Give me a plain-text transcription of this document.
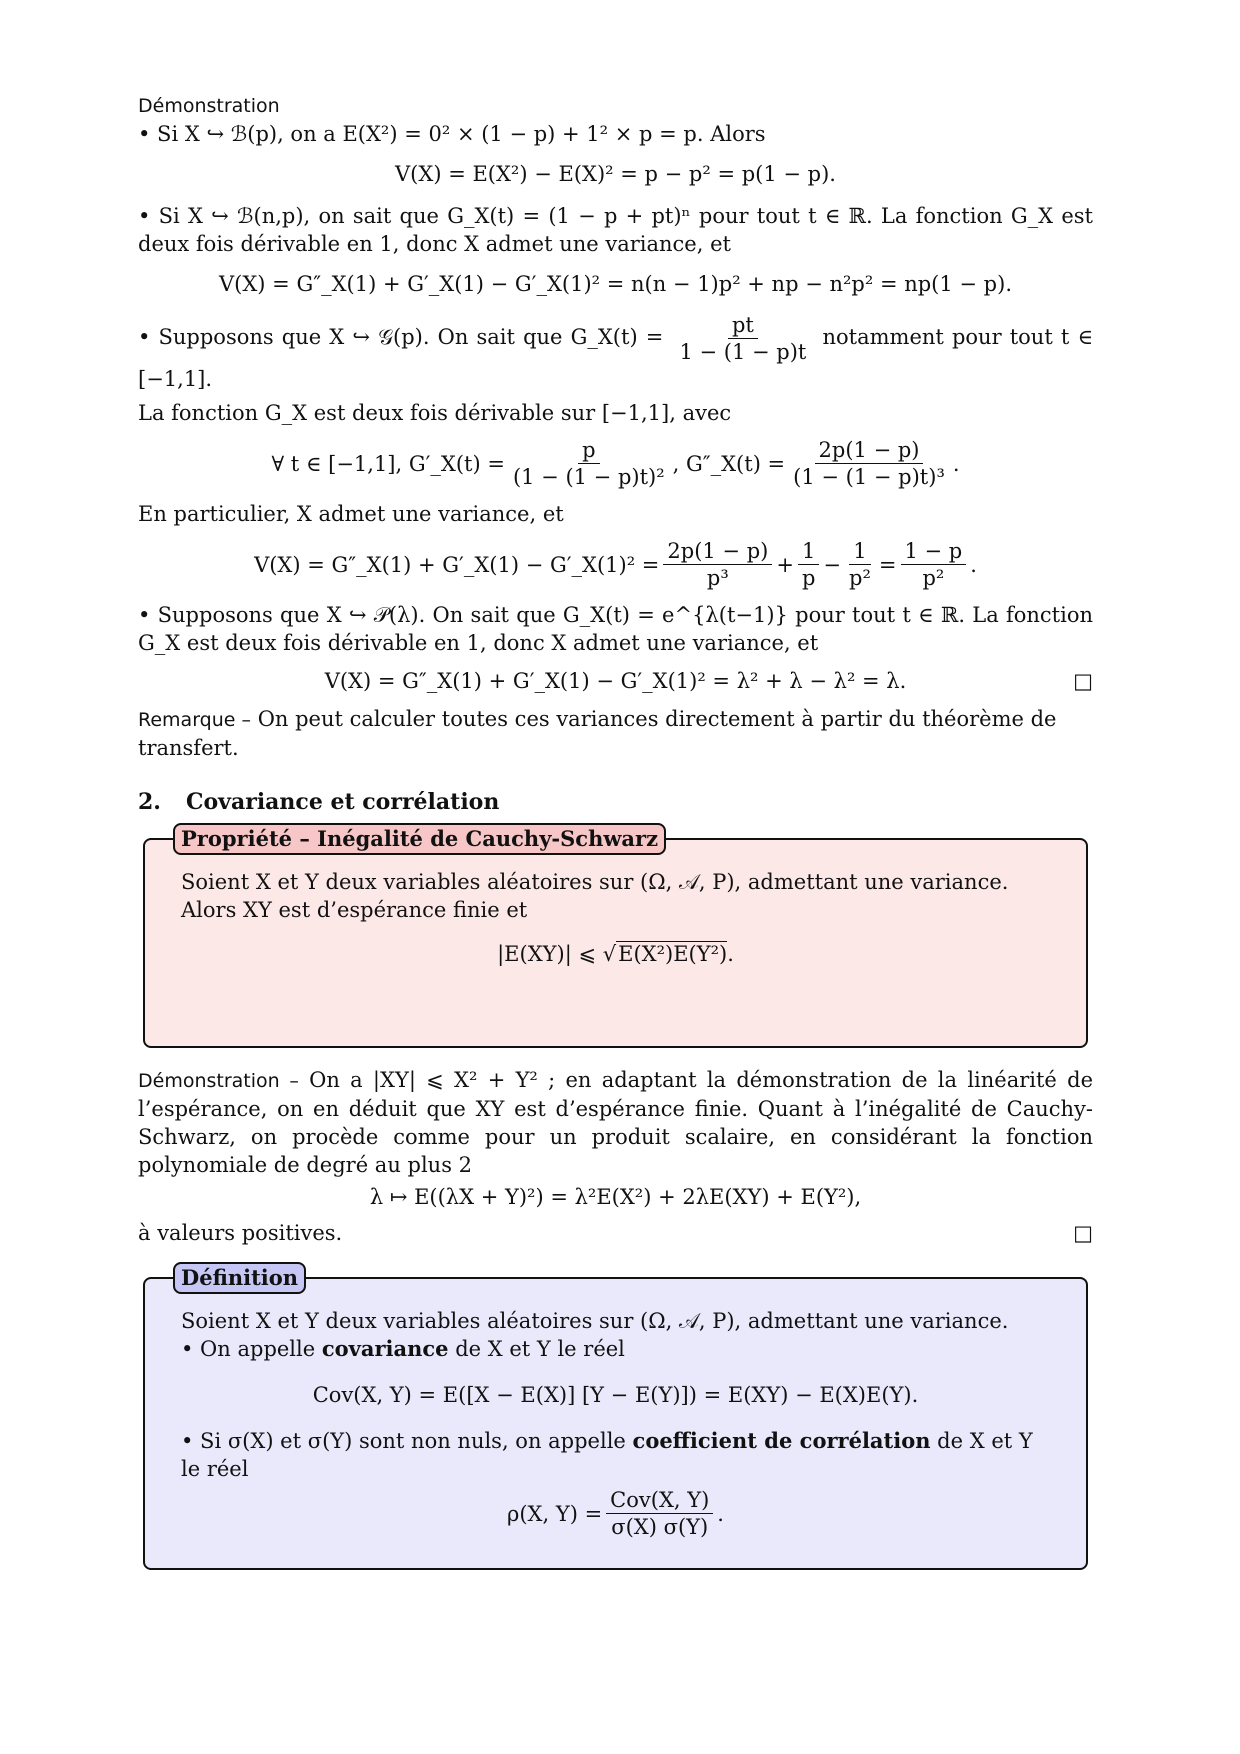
Démonstration

• Si X ↪ ℬ(p), on a E(X²) = 0² × (1 − p) + 1² × p = p. Alors

V(X) = E(X²) − E(X)² = p − p² = p(1 − p).

• Si X ↪ ℬ(n,p), on sait que G_X(t) = (1 − p + pt)ⁿ pour tout t ∈ ℝ. La fonction G_X est deux fois dérivable en 1, donc X admet une variance, et

V(X) = G″_X(1) + G′_X(1) − G′_X(1)² = n(n − 1)p² + np − n²p² = np(1 − p).
• Supposons que X ↪ 𝒢(p). On sait que G_X(t) = $\frac{pt}{1 - (1 - p)t}$ notamment pour tout t ∈ [−1,1].

La fonction G_X est deux fois dérivable sur [−1,1], avec

∀ t ∈ [−1,1], G′_X(t) = $\frac{p}{\text{(1 − (1 − p)t)²}}$ , G″_X(t) = $\frac{2p(1 - p)}{\text{(1 − (1 − p)t)³}}$ .

En particulier, X admet une variance, et

V(X) = G″_X(1) + G′_X(1) − G′_X(1)² = $\frac{2p(1 - p)}{\text{p³}} + \frac{1}{p} - \frac{1}{\text{p²}} = \frac{1 - p}{\text{p²}}$ .

• Supposons que X ↪ 𝒫(λ). On sait que G_X(t) = e^{λ(t−1)} pour tout t ∈ ℝ. La fonction G_X est deux fois dérivable en 1, donc X admet une variance, et

V(X) = G″_X(1) + G′_X(1) − G′_X(1)² = λ² + λ − λ² = λ.	□

Remarque – On peut calculer toutes ces variances directement à partir du théorème de transfert.

2. Covariance et corrélation
Propriété – Inégalité de Cauchy-Schwarz

Soient X et Y deux variables aléatoires sur (Ω, 𝒜, P), admettant une variance.

Alors XY est d’espérance finie et

|E(XY)| ⩽ √E(X²)E(Y²).

Démonstration – On a |XY| ⩽ X² + Y² ; en adaptant la démonstration de la linéarité de l’espérance, on en déduit que XY est d’espérance finie. Quant à l’inégalité de Cauchy-Schwarz, on procède comme pour un produit scalaire, en considérant la fonction polynomiale de degré au plus 2

λ ↦ E((λX + Y)²) = λ²E(X²) + 2λE(XY) + E(Y²),

à valeurs positives.	□

Définition

Soient X et Y deux variables aléatoires sur (Ω, 𝒜, P), admettant une variance.

• On appelle covariance de X et Y le réel

Cov(X, Y) = E([X − E(X)] [Y − E(Y)]) = E(XY) − E(X)E(Y).

• Si σ(X) et σ(Y) sont non nuls, on appelle coefficient de corrélation de X et Y le réel

ρ(X, $Y) = \frac{\text{Cov(X, Y)}}{\sigma(X) \sigma(Y)}$ .
